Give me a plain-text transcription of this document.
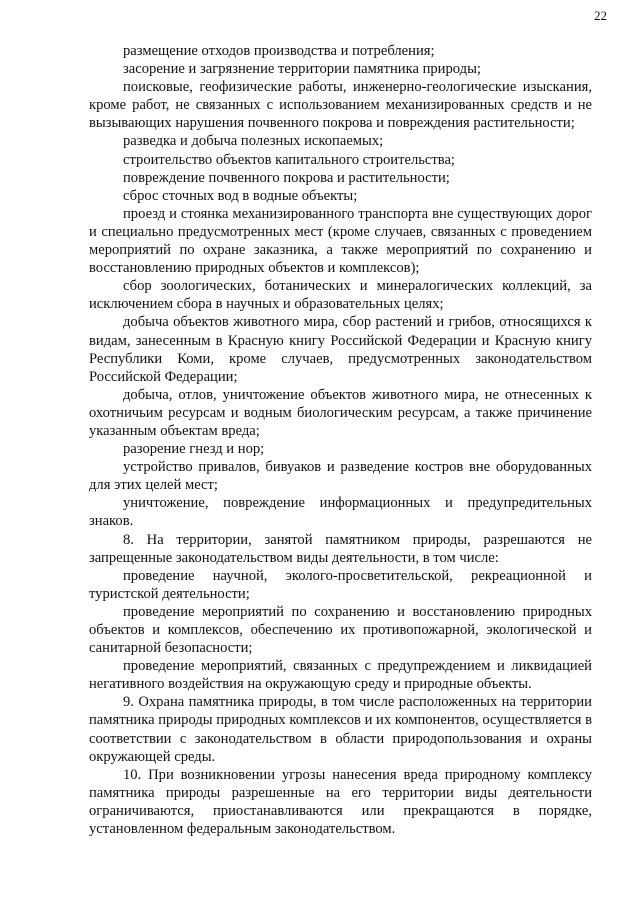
22

размещение отходов производства и потребления;

засорение и загрязнение территории памятника природы;

поисковые, геофизические работы, инженерно-геологические изыскания, кроме работ, не связанных с использованием механизированных средств и не вызывающих нарушения почвенного покрова и повреждения растительности;

разведка и добыча полезных ископаемых;

строительство объектов капитального строительства;

повреждение почвенного покрова и растительности;

сброс сточных вод в водные объекты;

проезд и стоянка механизированного транспорта вне существующих дорог и специально предусмотренных мест (кроме случаев, связанных с проведением мероприятий по охране заказника, а также мероприятий по сохранению и восстановлению природных объектов и комплексов);

сбор зоологических, ботанических и минералогических коллекций, за исключением сбора в научных и образовательных целях;

добыча объектов животного мира, сбор растений и грибов, относящихся к видам, занесенным в Красную книгу Российской Федерации и Красную книгу Республики Коми, кроме случаев, предусмотренных законодательством Российской Федерации;

добыча, отлов, уничтожение объектов животного мира, не отнесенных к охотничьим ресурсам и водным биологическим ресурсам, а также причинение указанным объектам вреда;

разорение гнезд и нор;

устройство привалов, бивуаков и разведение костров вне оборудованных для этих целей мест;

уничтожение, повреждение информационных и предупредительных знаков.

8. На территории, занятой памятником природы, разрешаются не запрещенные законодательством виды деятельности, в том числе:

проведение научной, эколого-просветительской, рекреационной и туристской деятельности;

проведение мероприятий по сохранению и восстановлению природных объектов и комплексов, обеспечению их противопожарной, экологической и санитарной безопасности;

проведение мероприятий, связанных с предупреждением и ликвидацией негативного воздействия на окружающую среду и природные объекты.

9. Охрана памятника природы, в том числе расположенных на территории памятника природы природных комплексов и их компонентов, осуществляется в соответствии с законодательством в области природопользования и охраны окружающей среды.

10. При возникновении угрозы нанесения вреда природному комплексу памятника природы разрешенные на его территории виды деятельности ограничиваются, приостанавливаются или прекращаются в порядке, установленном федеральным законодательством.
